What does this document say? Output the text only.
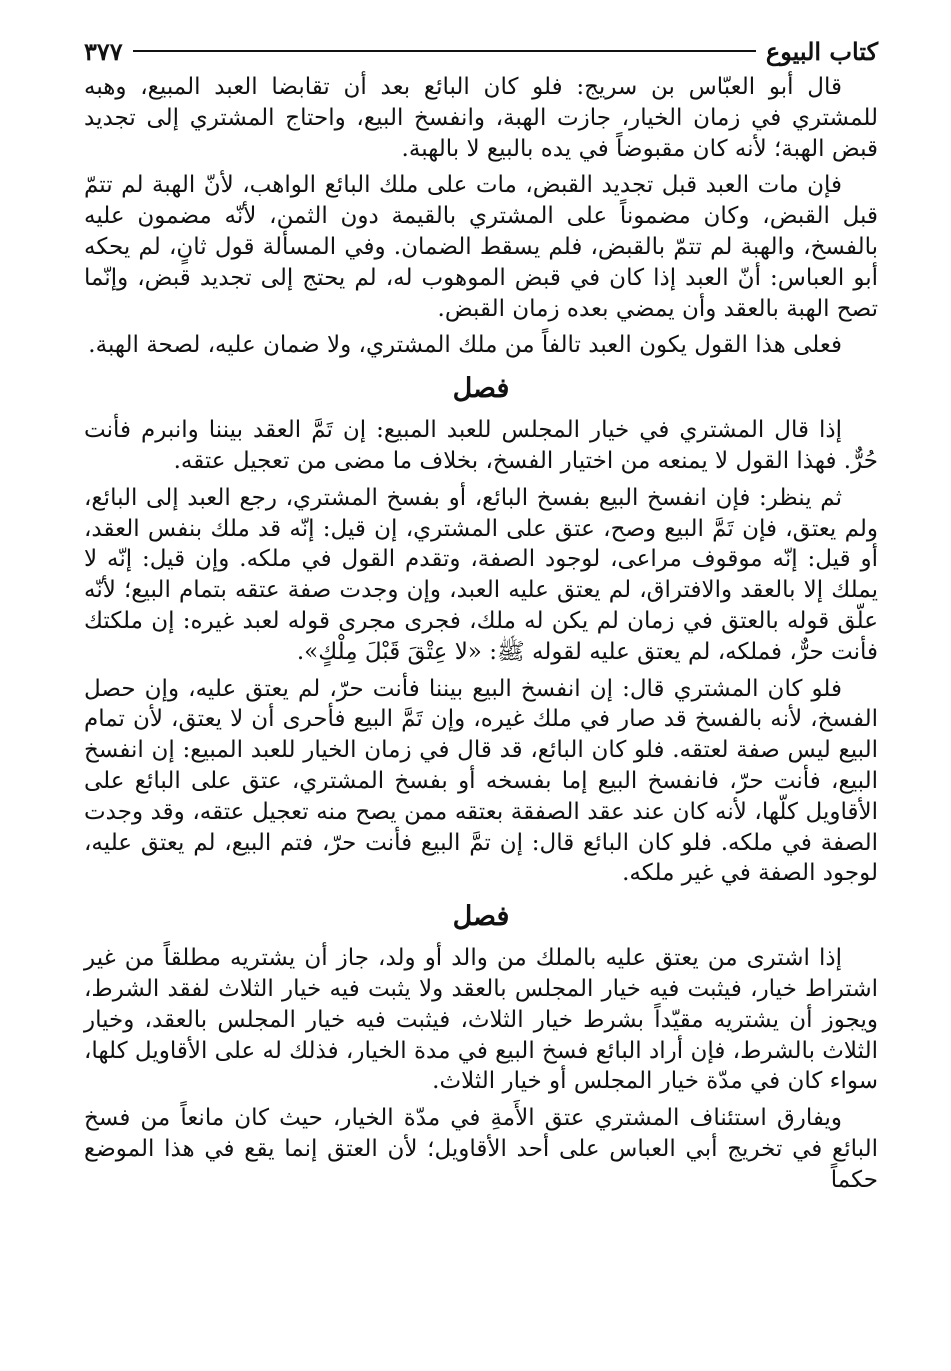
كتاب البيوع
٣٧٧

قال أبو العبّاس بن سريج: فلو كان البائع بعد أن تقابضا العبد المبيع، وهبه للمشتري في زمان الخيار، جازت الهبة، وانفسخ البيع، واحتاج المشتري إلى تجديد قبض الهبة؛ لأنه كان مقبوضاً في يده بالبيع لا بالهبة.

فإن مات العبد قبل تجديد القبض، مات على ملك البائع الواهب، لأنّ الهبة لم تتمّ قبل القبض، وكان مضموناً على المشتري بالقيمة دون الثمن، لأنّه مضمون عليه بالفسخ، والهبة لم تتمّ بالقبض، فلم يسقط الضمان. وفي المسألة قول ثانٍ، لم يحكه أبو العباس: أنّ العبد إذا كان في قبض الموهوب له، لم يحتج إلى تجديد قبض، وإنّما تصح الهبة بالعقد وأن يمضي بعده زمان القبض.

فعلى هذا القول يكون العبد تالفاً من ملك المشتري، ولا ضمان عليه، لصحة الهبة.

فصل

إذا قال المشتري في خيار المجلس للعبد المبيع: إن تَمَّ العقد بيننا وانبرم فأنت حُرٌّ. فهذا القول لا يمنعه من اختيار الفسخ، بخلاف ما مضى من تعجيل عتقه.

ثم ينظر: فإن انفسخ البيع بفسخ البائع، أو بفسخ المشتري، رجع العبد إلى البائع، ولم يعتق، فإن تَمَّ البيع وصح، عتق على المشتري، إن قيل: إنّه قد ملك بنفس العقد، أو قيل: إنّه موقوف مراعى، لوجود الصفة، وتقدم القول في ملكه. وإن قيل: إنّه لا يملك إلا بالعقد والافتراق، لم يعتق عليه العبد، وإن وجدت صفة عتقه بتمام البيع؛ لأنّه علّق قوله بالعتق في زمان لم يكن له ملك، فجرى مجرى قوله لعبد غيره: إن ملكتك فأنت حرٌّ، فملكه، لم يعتق عليه لقوله ﷺ: «لا عِتْقَ قَبْلَ مِلْكٍ».

فلو كان المشتري قال: إن انفسخ البيع بيننا فأنت حرّ، لم يعتق عليه، وإن حصل الفسخ، لأنه بالفسخ قد صار في ملك غيره، وإن تَمَّ البيع فأحرى أن لا يعتق، لأن تمام البيع ليس صفة لعتقه. فلو كان البائع، قد قال في زمان الخيار للعبد المبيع: إن انفسخ البيع، فأنت حرّ، فانفسخ البيع إما بفسخه أو بفسخ المشتري، عتق على البائع على الأقاويل كلّها، لأنه كان عند عقد الصفقة بعتقه ممن يصح منه تعجيل عتقه، وقد وجدت الصفة في ملكه. فلو كان البائع قال: إن تمَّ البيع فأنت حرّ، فتم البيع، لم يعتق عليه، لوجود الصفة في غير ملكه.

فصل

إذا اشترى من يعتق عليه بالملك من والد أو ولد، جاز أن يشتريه مطلقاً من غير اشتراط خيار، فيثبت فيه خيار المجلس بالعقد ولا يثبت فيه خيار الثلاث لفقد الشرط، ويجوز أن يشتريه مقيّداً بشرط خيار الثلاث، فيثبت فيه خيار المجلس بالعقد، وخيار الثلاث بالشرط، فإن أراد البائع فسخ البيع في مدة الخيار، فذلك له على الأقاويل كلها، سواء كان في مدّة خيار المجلس أو خيار الثلاث.

ويفارق استئناف المشتري عتق الأَمةِ في مدّة الخيار، حيث كان مانعاً من فسخ البائع في تخريج أبي العباس على أحد الأقاويل؛ لأن العتق إنما يقع في هذا الموضع حكماً
